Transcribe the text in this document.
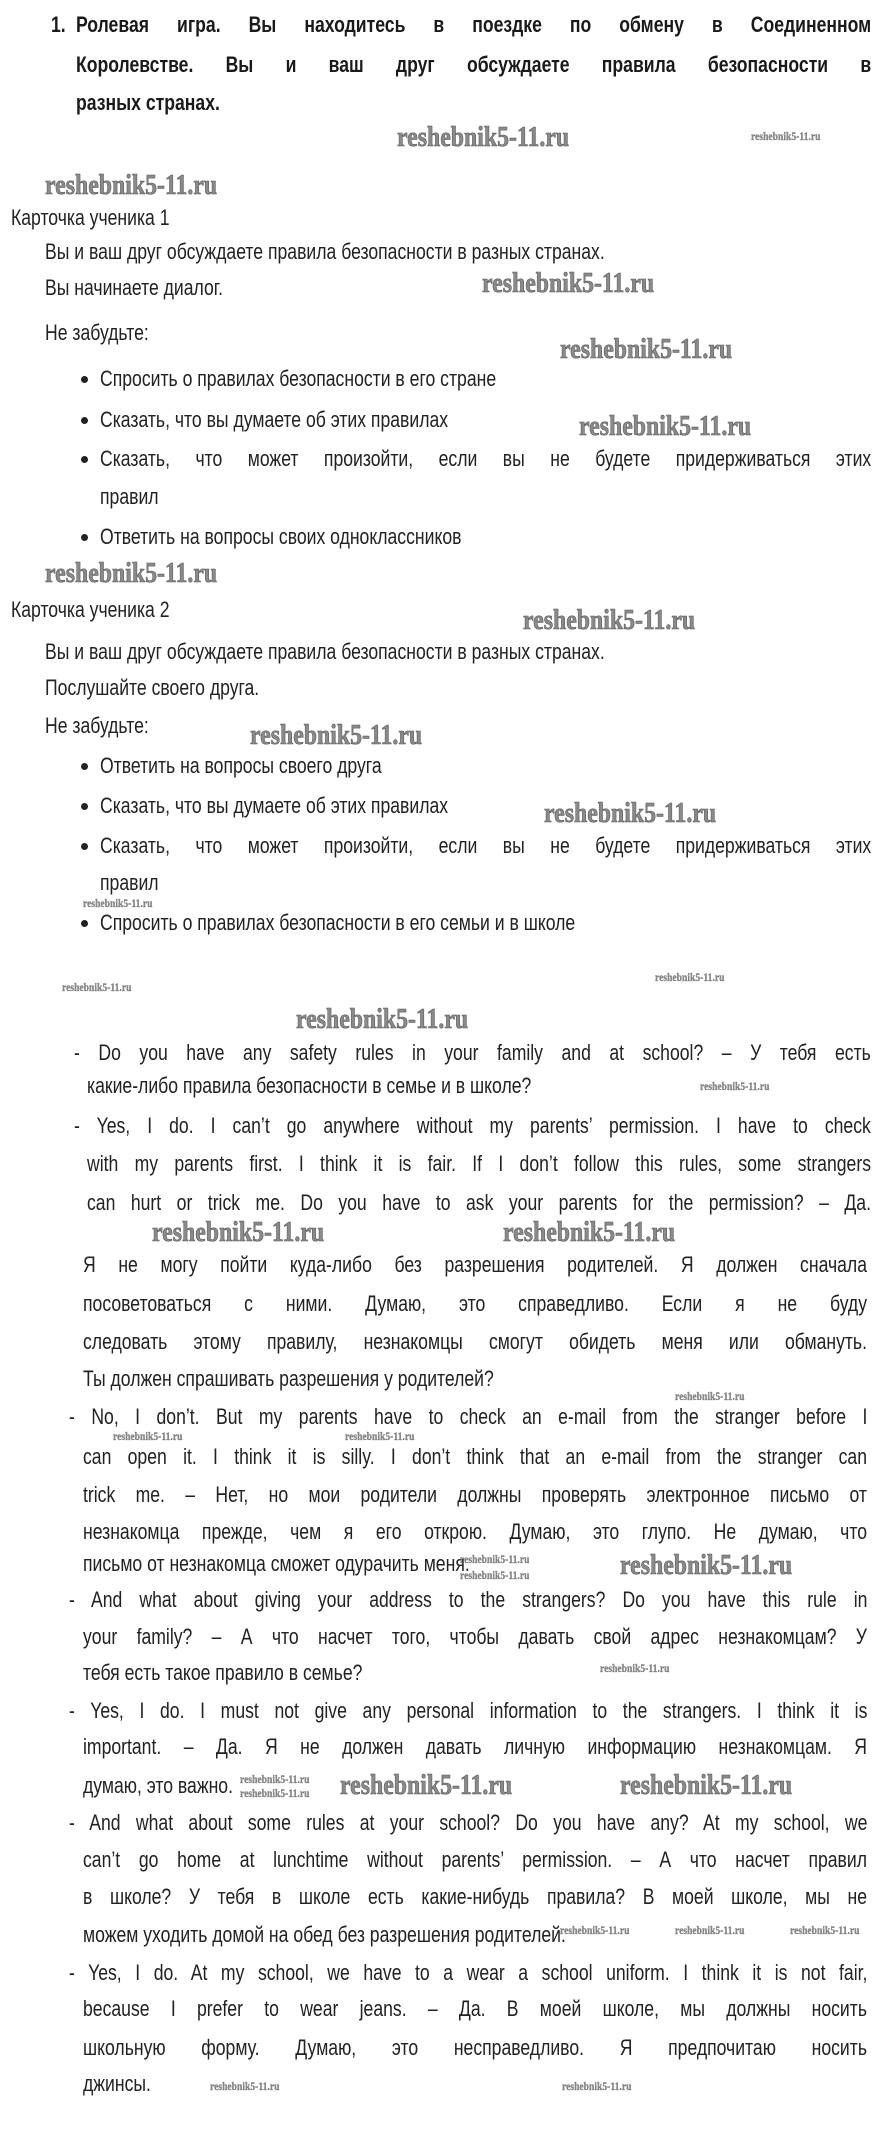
1. Ролевая игра. Вы находитесь в поездке по обмену в Соединенном
Королевстве. Вы и ваш друг обсуждаете правила безопасности в
разных странах.
Карточка ученика 1
Вы и ваш друг обсуждаете правила безопасности в разных странах.
Вы начинаете диалог.
Не забудьте:
Спросить о правилах безопасности в его стране
Сказать, что вы думаете об этих правилах
Сказать, что может произойти, если вы не будете придерживаться этих
правил
Ответить на вопросы своих одноклассников
Карточка ученика 2
Вы и ваш друг обсуждаете правила безопасности в разных странах.
Послушайте своего друга.
Не забудьте:
Ответить на вопросы своего друга
Сказать, что вы думаете об этих правилах
Сказать, что может произойти, если вы не будете придерживаться этих
правил
Спросить о правилах безопасности в его семьи и в школе
- Do you have any safety rules in your family and at school? – У тебя есть
какие-либо правила безопасности в семье и в школе?
- Yes, I do. I can’t go anywhere without my parents’ permission. I have to check
with my parents first. I think it is fair. If I don’t follow this rules, some strangers
can hurt or trick me. Do you have to ask your parents for the permission? – Да.
Я не могу пойти куда-либо без разрешения родителей. Я должен сначала
посоветоваться с ними. Думаю, это справедливо. Если я не буду
следовать этому правилу, незнакомцы смогут обидеть меня или обмануть.
Ты должен спрашивать разрешения у родителей?
- No, I don’t. But my parents have to check an e-mail from the stranger before I
can open it. I think it is silly. I don’t think that an e-mail from the stranger can
trick me. – Нет, но мои родители должны проверять электронное письмо от
незнакомца прежде, чем я его открою. Думаю, это глупо. Не думаю, что
письмо от незнакомца сможет одурачить меня.
- And what about giving your address to the strangers? Do you have this rule in
your family? – А что насчет того, чтобы давать свой адрес незнакомцам? У
тебя есть такое правило в семье?
- Yes, I do. I must not give any personal information to the strangers. I think it is
important. – Да. Я не должен давать личную информацию незнакомцам. Я
думаю, это важно.
- And what about some rules at your school? Do you have any? At my school, we
can’t go home at lunchtime without parents’ permission. – А что насчет правил
в школе? У тебя в школе есть какие-нибудь правила? В моей школе, мы не
можем уходить домой на обед без разрешения родителей.
- Yes, I do. At my school, we have to a wear a school uniform. I think it is not fair,
because I prefer to wear jeans. – Да. В моей школе, мы должны носить
школьную форму. Думаю, это несправедливо. Я предпочитаю носить
джинсы.
reshebnik5-11.ru	reshebnik5-11.ru
reshebnik5-11.ru
reshebnik5-11.ru
reshebnik5-11.ru
reshebnik5-11.ru
reshebnik5-11.ru
reshebnik5-11.ru
reshebnik5-11.ru
reshebnik5-11.ru
reshebnik5-11.ru
reshebnik5-11.ru
reshebnik5-11.ru
reshebnik5-11.ru
reshebnik5-11.ru
reshebnik5-11.ru	reshebnik5-11.ru
reshebnik5-11.ru
reshebnik5-11.ru	reshebnik5-11.ru
reshebnik5-11.ru
reshebnik5-11.ru	reshebnik5-11.ru
reshebnik5-11.ru
reshebnik5-11.ru reshebnik5-11.ru	reshebnik5-11.ru
reshebnik5-11.ru
reshebnik5-11.ru	reshebnik5-11.ru	reshebnik5-11.ru
reshebnik5-11.ru	reshebnik5-11.ru
